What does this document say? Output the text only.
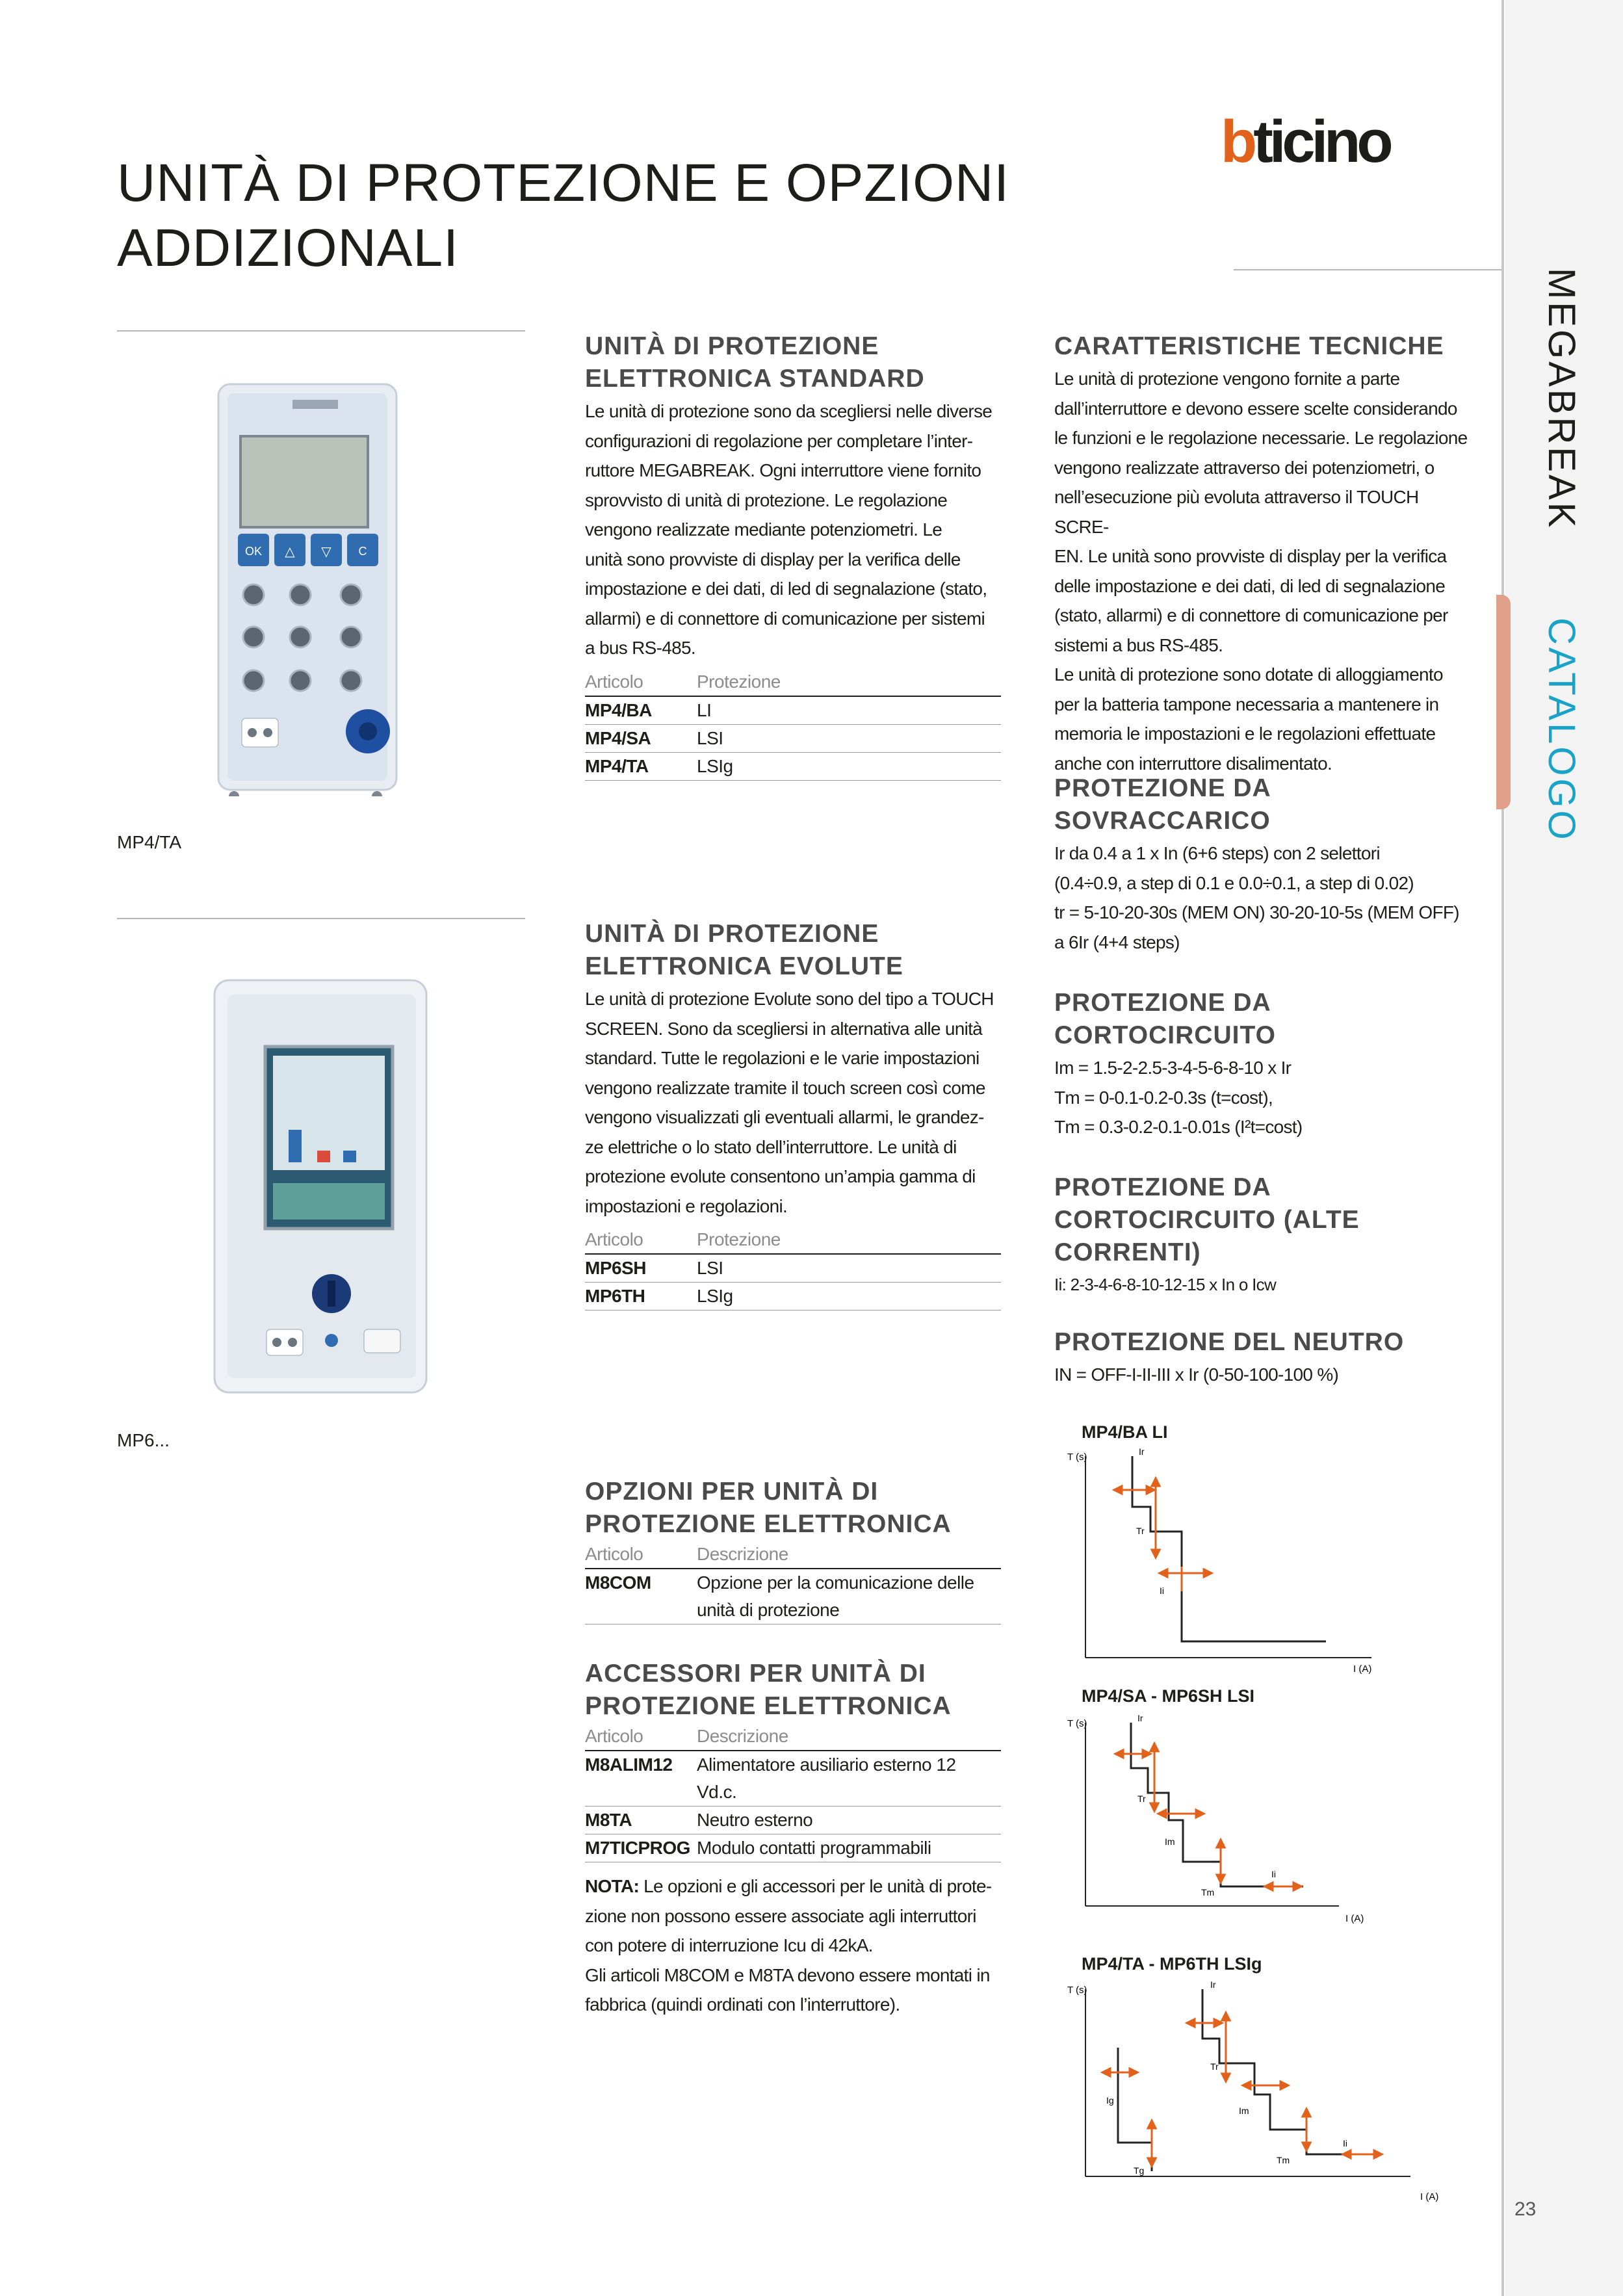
MEGABREAK
CATALOGO
23
UNITÀ DI PROTEZIONE E OPZIONI
ADDIZIONALI
bticino
OK △ ▽ C
MP4/TA
MP6...
UNITÀ DI PROTEZIONE
ELETTRONICA STANDARD
Le unità di protezione sono da scegliersi nelle diverse
configurazioni di regolazione per completare l’inter-
ruttore MEGABREAK. Ogni interruttore viene fornito
sprovvisto di unità di protezione. Le regolazione
vengono realizzate mediante potenziometri. Le
unità sono provviste di display per la verifica delle
impostazione e dei dati, di led di segnalazione (stato,
allarmi) e di connettore di comunicazione per sistemi
a bus RS-485.
Articolo	Protezione
MP4/BA LI
MP4/SA	LSI
MP4/TA	LSIg
UNITÀ DI PROTEZIONE
ELETTRONICA EVOLUTE
Le unità di protezione Evolute sono del tipo a TOUCH
SCREEN. Sono da scegliersi in alternativa alle unità
standard. Tutte le regolazioni e le varie impostazioni
vengono realizzate tramite il touch screen così come
vengono visualizzati gli eventuali allarmi, le grandez-
ze elettriche o lo stato dell’interruttore. Le unità di
protezione evolute consentono un’ampia gamma di
impostazioni e regolazioni.
Articolo	Protezione
MP6SH	LSI
MP6TH	LSIg
OPZIONI PER UNITÀ DI
PROTEZIONE ELETTRONICA
Articolo	Descrizione
M8COM	Opzione per la comunicazione delle
unità di protezione
ACCESSORI PER UNITÀ DI
PROTEZIONE ELETTRONICA
Articolo	Descrizione
M8ALIM12 Alimentatore ausiliario esterno 12
Vd.c.
M8TA	Neutro esterno
M7TICPROG Modulo contatti programmabili
NOTA: Le opzioni e gli accessori per le unità di prote-
zione non possono essere associate agli interruttori
con potere di interruzione Icu di 42kA.
Gli articoli M8COM e M8TA devono essere montati in
fabbrica (quindi ordinati con l’interruttore).
CARATTERISTICHE TECNICHE
Le unità di protezione vengono fornite a parte
dall’interruttore e devono essere scelte considerando
le funzioni e le regolazione necessarie. Le regolazione
vengono realizzate attraverso dei potenziometri, o
nell’esecuzione più evoluta attraverso il TOUCH SCRE-
EN. Le unità sono provviste di display per la verifica
delle impostazione e dei dati, di led di segnalazione
(stato, allarmi) e di connettore di comunicazione per
sistemi a bus RS-485.
Le unità di protezione sono dotate di alloggiamento
per la batteria tampone necessaria a mantenere in
memoria le impostazioni e le regolazioni effettuate
anche con interruttore disalimentato.
PROTEZIONE DA
SOVRACCARICO
Ir da 0.4 a 1 x In (6+6 steps) con 2 selettori
(0.4÷0.9, a step di 0.1 e 0.0÷0.1, a step di 0.02)
tr = 5-10-20-30s (MEM ON) 30-20-10-5s (MEM OFF)
a 6Ir (4+4 steps)
PROTEZIONE DA
CORTOCIRCUITO
Im = 1.5-2-2.5-3-4-5-6-8-10 x Ir
Tm = 0-0.1-0.2-0.3s (t=cost),
Tm = 0.3-0.2-0.1-0.01s (I²t=cost)
PROTEZIONE DA
CORTOCIRCUITO (ALTE
CORRENTI)
Ii: 2-3-4-6-8-10-12-15 x In o Icw
PROTEZIONE DEL NEUTRO
IN = OFF-I-II-III x Ir (0-50-100-100 %)
MP4/BA LI
T (s)
I (A)
Ir
Tr
Ii
MP4/SA - MP6SH LSI
T (s)
I (A)
Ir
Tr
Im
Tm
Ii
MP4/TA - MP6TH LSIg
T (s)
I (A)
Ir
Tr
Im
Tm
Ii
Ig
Tg
